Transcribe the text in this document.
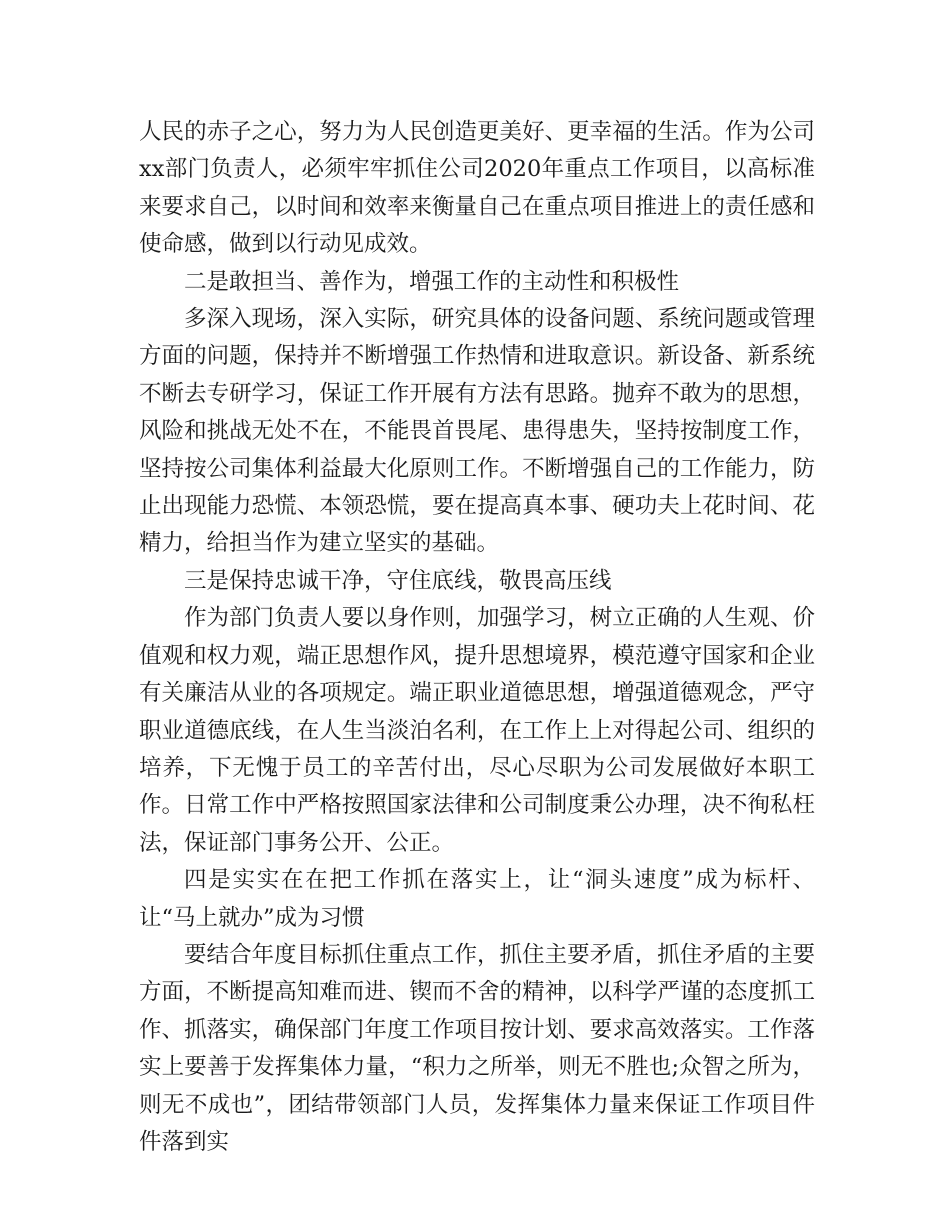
人民的赤子之心，努力为人民创造更美好、更幸福的生活。作为公司xx部门负责人，必须牢牢抓住公司2020年重点工作项目，以高标准来要求自己，以时间和效率来衡量自己在重点项目推进上的责任感和使命感，做到以行动见成效。

二是敢担当、善作为，增强工作的主动性和积极性

多深入现场，深入实际，研究具体的设备问题、系统问题或管理方面的问题，保持并不断增强工作热情和进取意识。新设备、新系统不断去专研学习，保证工作开展有方法有思路。抛弃不敢为的思想，风险和挑战无处不在，不能畏首畏尾、患得患失，坚持按制度工作，坚持按公司集体利益最大化原则工作。不断增强自己的工作能力，防止出现能力恐慌、本领恐慌，要在提高真本事、硬功夫上花时间、花精力，给担当作为建立坚实的基础。

三是保持忠诚干净，守住底线，敬畏高压线

作为部门负责人要以身作则，加强学习，树立正确的人生观、价值观和权力观，端正思想作风，提升思想境界，模范遵守国家和企业有关廉洁从业的各项规定。端正职业道德思想，增强道德观念，严守职业道德底线，在人生当淡泊名利，在工作上上对得起公司、组织的培养，下无愧于员工的辛苦付出，尽心尽职为公司发展做好本职工作。日常工作中严格按照国家法律和公司制度秉公办理，决不徇私枉法，保证部门事务公开、公正。

四是实实在在把工作抓在落实上，让“洞头速度”成为标杆、让“马上就办”成为习惯

要结合年度目标抓住重点工作，抓住主要矛盾，抓住矛盾的主要方面，不断提高知难而进、锲而不舍的精神，以科学严谨的态度抓工作、抓落实，确保部门年度工作项目按计划、要求高效落实。工作落实上要善于发挥集体力量，“积力之所举，则无不胜也;众智之所为，则无不成也”，团结带领部门人员，发挥集体力量来保证工作项目件件落到实
